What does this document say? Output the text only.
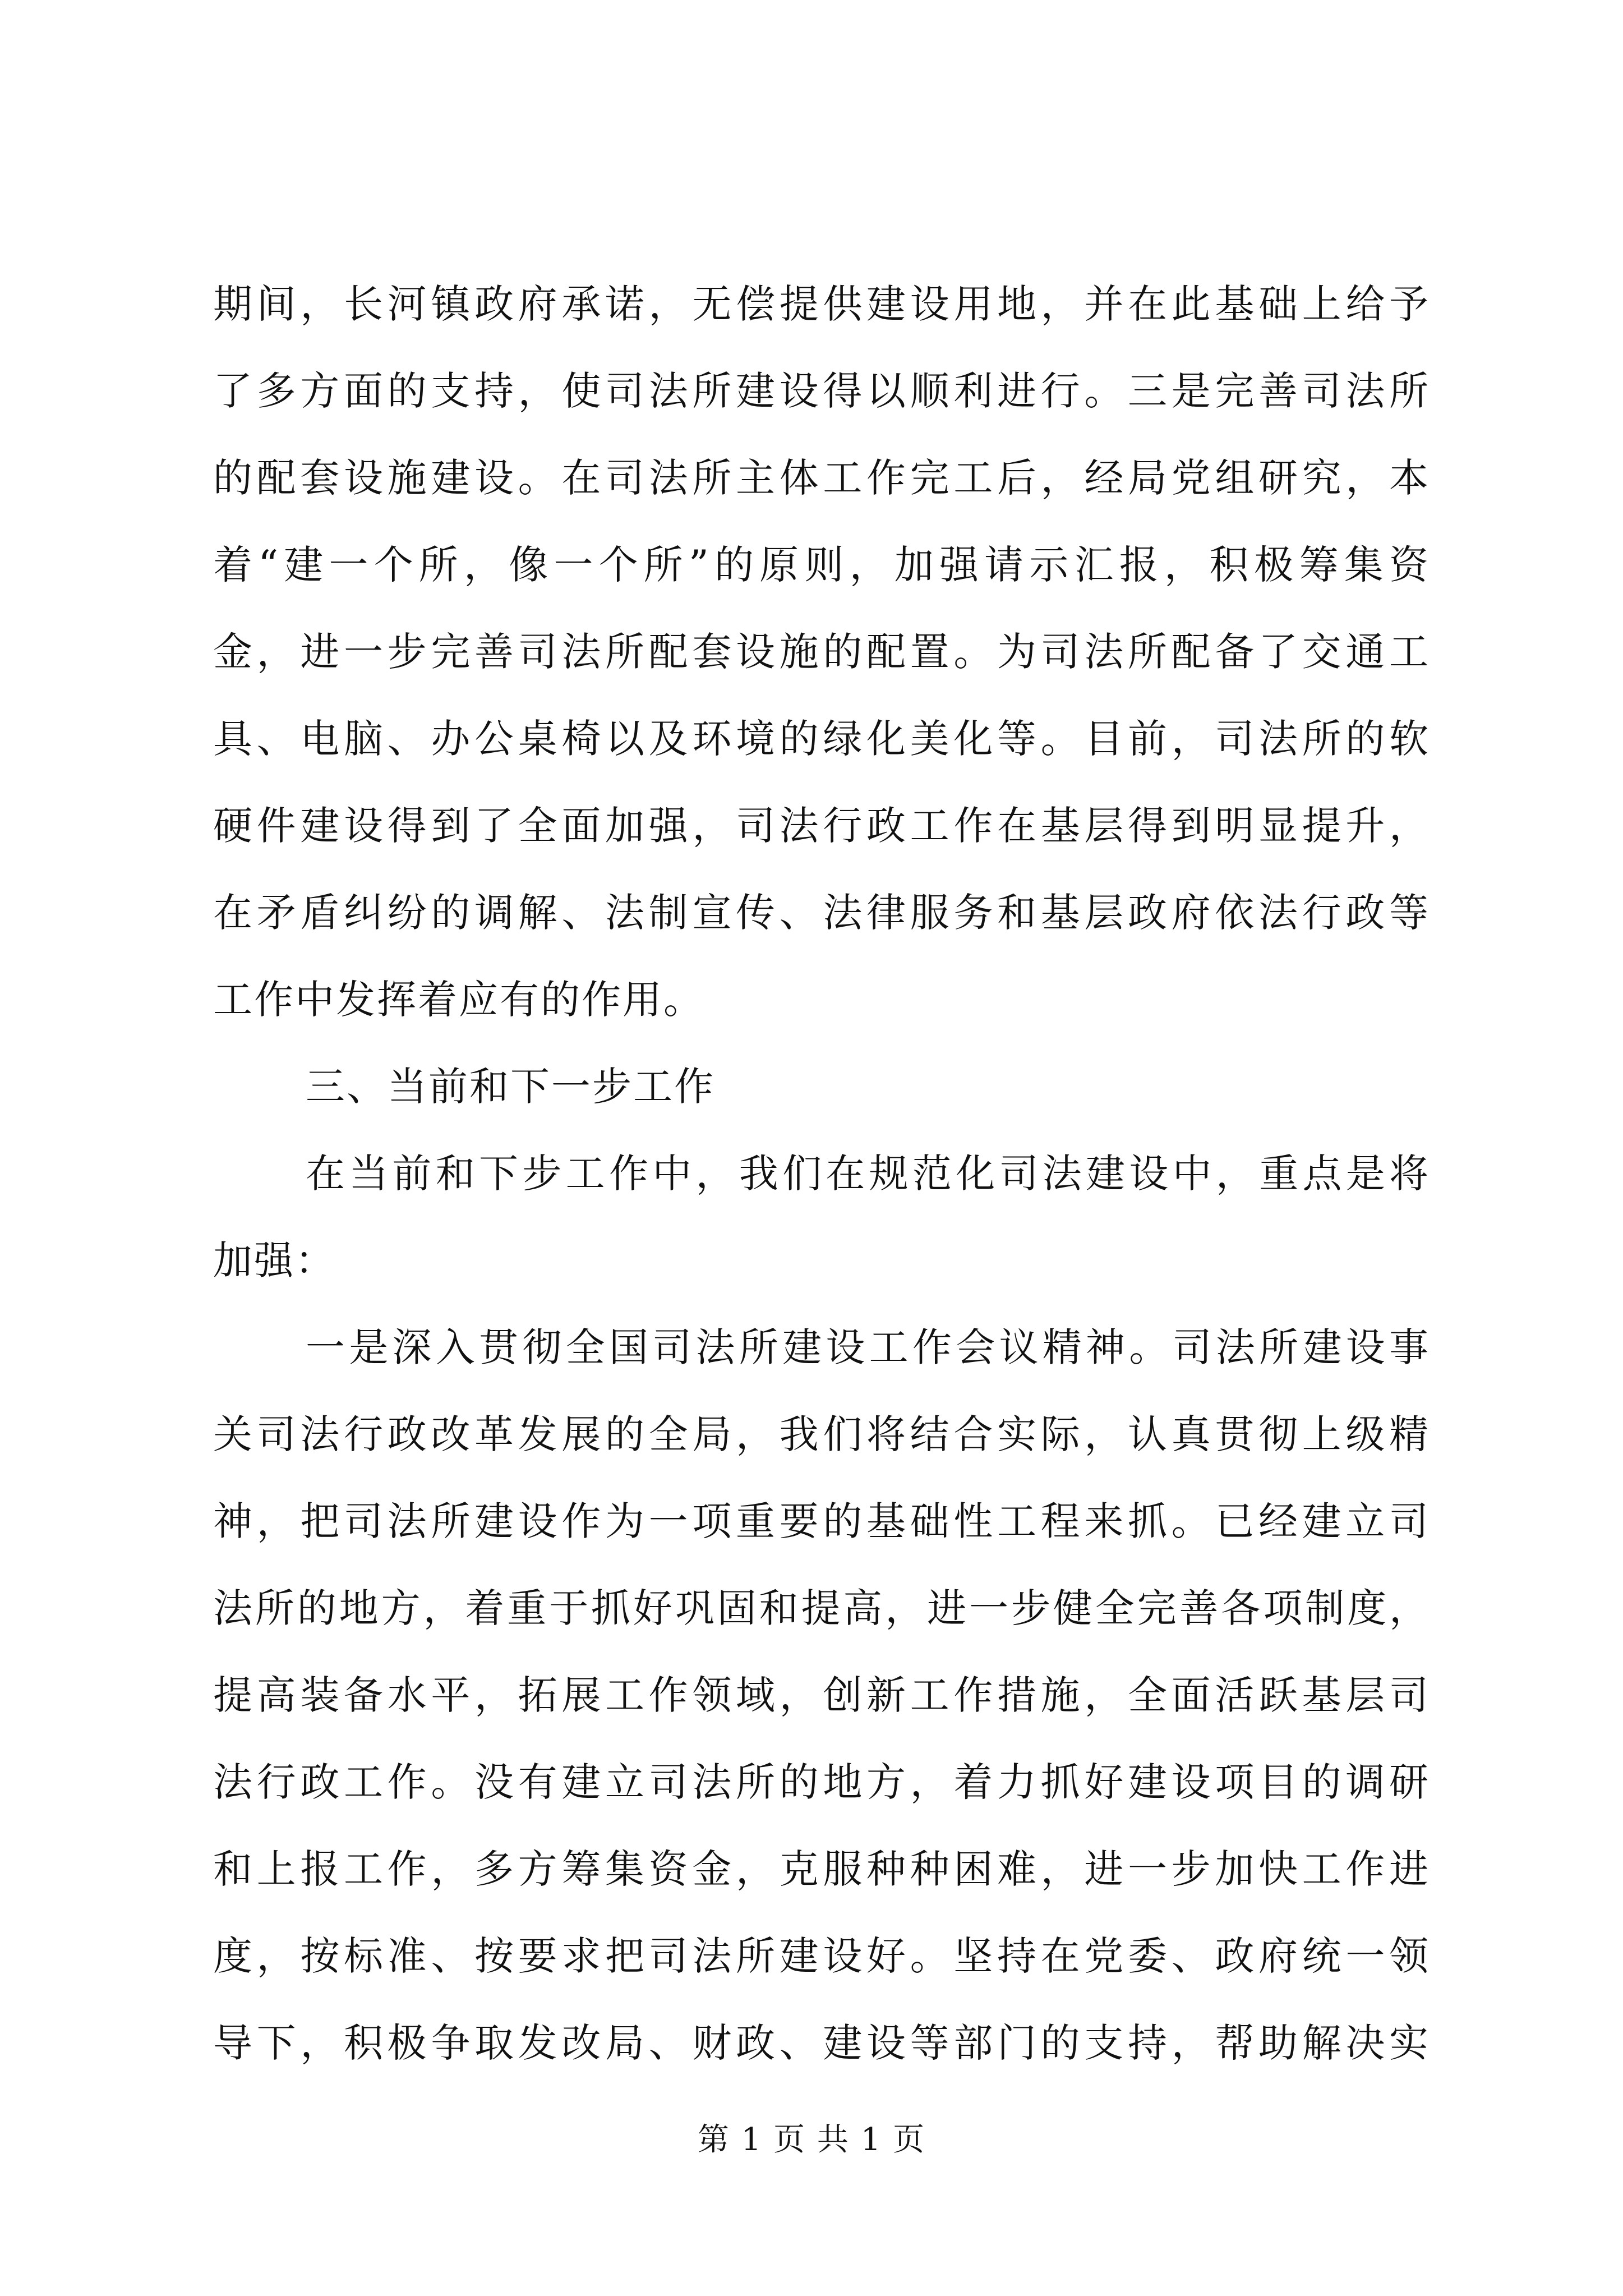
期间，长河镇政府承诺，无偿提供建设用地，并在此基础上给予
了多方面的支持，使司法所建设得以顺利进行。三是完善司法所
的配套设施建设。在司法所主体工作完工后，经局党组研究，本
着“建一个所，像一个所”的原则，加强请示汇报，积极筹集资
金，进一步完善司法所配套设施的配置。为司法所配备了交通工
具、电脑、办公桌椅以及环境的绿化美化等。目前，司法所的软
硬件建设得到了全面加强，司法行政工作在基层得到明显提升，
在矛盾纠纷的调解、法制宣传、法律服务和基层政府依法行政等
工作中发挥着应有的作用。
三、当前和下一步工作
在当前和下步工作中，我们在规范化司法建设中，重点是将
加强：
一是深入贯彻全国司法所建设工作会议精神。司法所建设事
关司法行政改革发展的全局，我们将结合实际，认真贯彻上级精
神，把司法所建设作为一项重要的基础性工程来抓。已经建立司
法所的地方，着重于抓好巩固和提高，进一步健全完善各项制度，
提高装备水平，拓展工作领域，创新工作措施，全面活跃基层司
法行政工作。没有建立司法所的地方，着力抓好建设项目的调研
和上报工作，多方筹集资金，克服种种困难，进一步加快工作进
度，按标准、按要求把司法所建设好。坚持在党委、政府统一领
导下，积极争取发改局、财政、建设等部门的支持，帮助解决实
第 1 页 共 1 页
